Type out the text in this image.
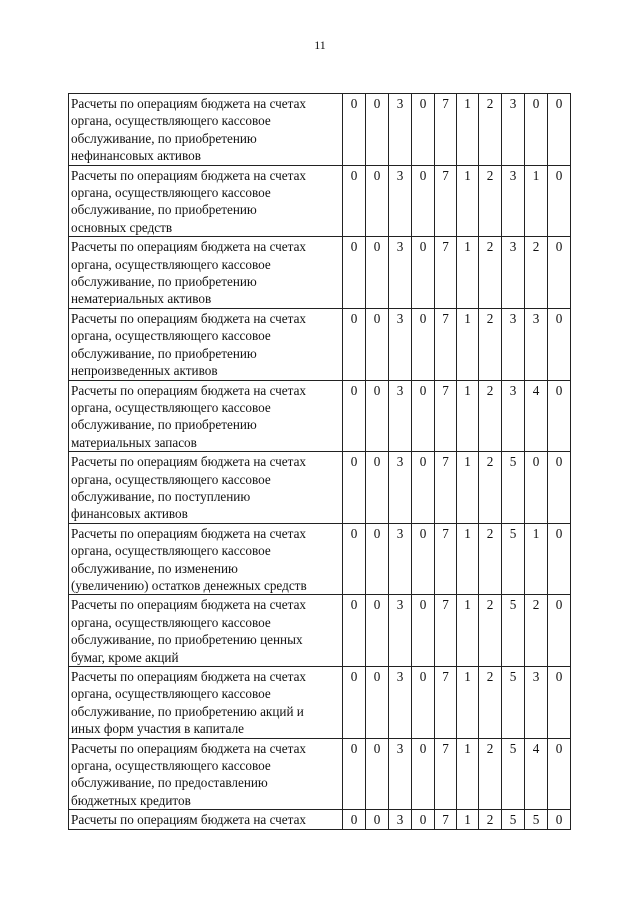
11
Расчеты по операциям бюджета на счетах
органа, осуществляющего кассовое
обслуживание, по приобретению
нефинансовых активов	0	0	3	0	7	1	2	3	0	0
Расчеты по операциям бюджета на счетах
органа, осуществляющего кассовое
обслуживание, по приобретению
основных средств	0	0	3	0	7	1	2	3	1	0
Расчеты по операциям бюджета на счетах
органа, осуществляющего кассовое
обслуживание, по приобретению
нематериальных активов	0	0	3	0	7	1	2	3	2	0
Расчеты по операциям бюджета на счетах
органа, осуществляющего кассовое
обслуживание, по приобретению
непроизведенных активов	0	0	3	0	7	1	2	3	3	0
Расчеты по операциям бюджета на счетах
органа, осуществляющего кассовое
обслуживание, по приобретению
материальных запасов	0	0	3	0	7	1	2	3	4	0
Расчеты по операциям бюджета на счетах
органа, осуществляющего кассовое
обслуживание, по поступлению
финансовых активов	0	0	3	0	7	1	2	5	0	0
Расчеты по операциям бюджета на счетах
органа, осуществляющего кассовое
обслуживание, по изменению
(увеличению) остатков денежных средств	0	0	3	0	7	1	2	5	1	0
Расчеты по операциям бюджета на счетах
органа, осуществляющего кассовое
обслуживание, по приобретению ценных
бумаг, кроме акций	0	0	3	0	7	1	2	5	2	0
Расчеты по операциям бюджета на счетах
органа, осуществляющего кассовое
обслуживание, по приобретению акций и
иных форм участия в капитале	0	0	3	0	7	1	2	5	3	0
Расчеты по операциям бюджета на счетах
органа, осуществляющего кассовое
обслуживание, по предоставлению
бюджетных кредитов	0	0	3	0	7	1	2	5	4	0
Расчеты по операциям бюджета на счетах	0	0	3	0	7	1	2	5	5	0
